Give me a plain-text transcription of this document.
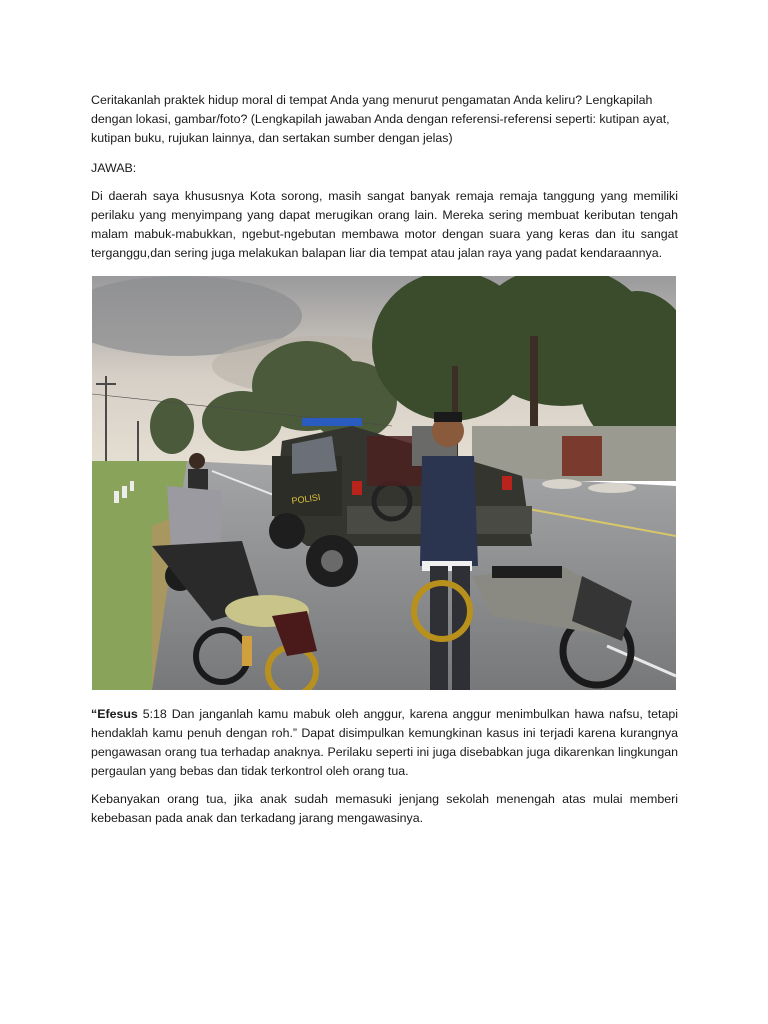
Ceritakanlah praktek hidup moral di tempat Anda yang menurut pengamatan Anda keliru? Lengkapilah dengan lokasi, gambar/foto? (Lengkapilah jawaban Anda dengan referensi-referensi seperti: kutipan ayat, kutipan buku, rujukan lainnya, dan sertakan sumber dengan jelas)

JAWAB:

Di daerah saya khususnya Kota sorong, masih sangat banyak remaja remaja tanggung yang memiliki perilaku yang menyimpang yang dapat merugikan orang lain. Mereka sering membuat keributan tengah malam mabuk-mabukkan, ngebut-ngebutan membawa motor dengan suara yang keras dan itu sangat terganggu,dan sering juga melakukan balapan liar dia tempat atau jalan raya yang padat kendaraannya.

POLISI

“Efesus 5:18 Dan janganlah kamu mabuk oleh anggur, karena anggur menimbulkan hawa nafsu, tetapi hendaklah kamu penuh dengan roh.” Dapat disimpulkan kemungkinan kasus ini terjadi karena kurangnya pengawasan orang tua terhadap anaknya. Perilaku seperti ini juga disebabkan juga dikarenkan lingkungan pergaulan yang bebas dan tidak terkontrol oleh orang tua.

Kebanyakan orang tua, jika anak sudah memasuki jenjang sekolah menengah atas mulai memberi kebebasan pada anak dan terkadang jarang mengawasinya.
